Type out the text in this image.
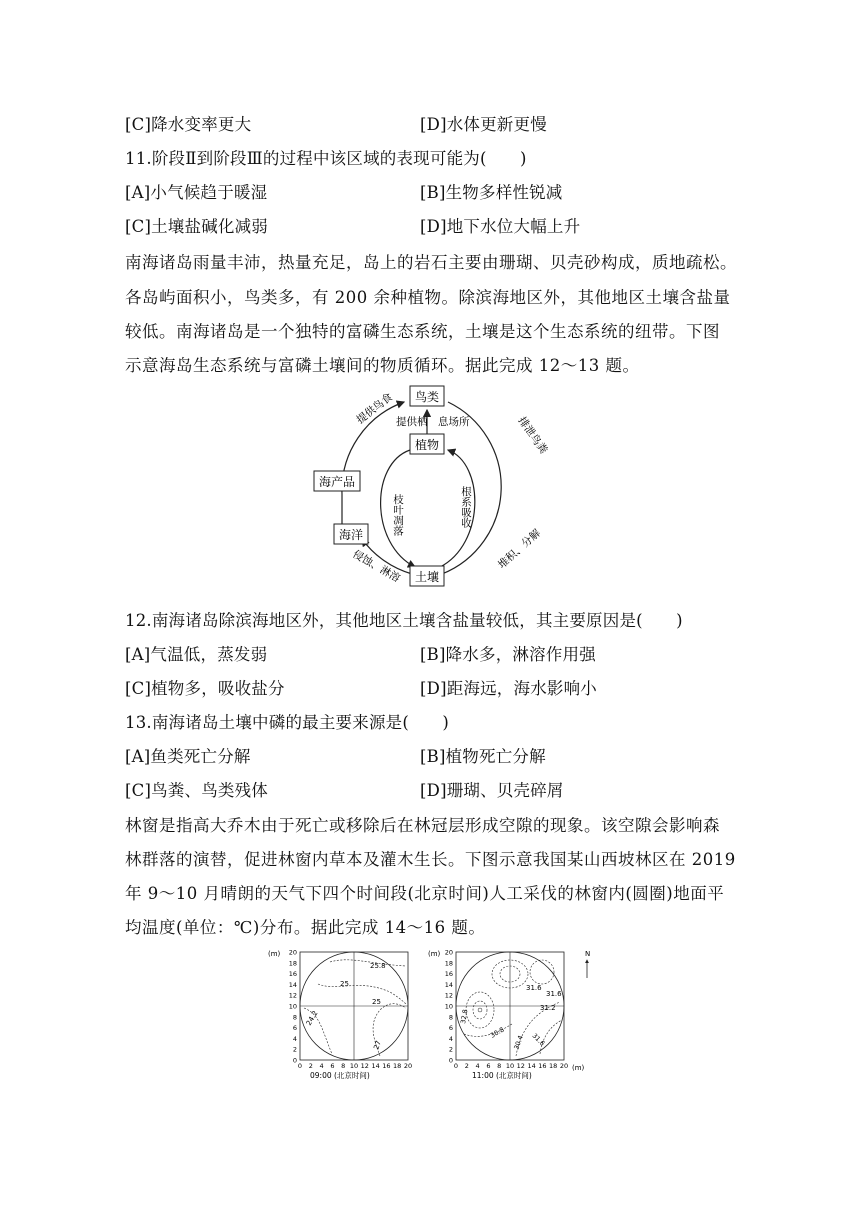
[C]降水变率更大	[D]水体更新更慢
11.阶段Ⅱ到阶段Ⅲ的过程中该区域的表现可能为(　　)
[A]小气候趋于暖湿	[B]生物多样性锐减
[C]土壤盐碱化减弱	[D]地下水位大幅上升
南海诸岛雨量丰沛，热量充足，岛上的岩石主要由珊瑚、贝壳砂构成，质地疏松。
各岛屿面积小，鸟类多，有 200 余种植物。除滨海地区外，其他地区土壤含盐量
较低。南海诸岛是一个独特的富磷生态系统，土壤是这个生态系统的纽带。下图
示意海岛生态系统与富磷土壤间的物质循环。据此完成 12～13 题。
鸟类
植物
海产品
海洋
土壤
提供鸟食 提供栖　息场所	排泄鸟粪
堆积、分解
侵蚀、淋溶
枝叶凋落	根系吸收
12.南海诸岛除滨海地区外，其他地区土壤含盐量较低，其主要原因是(　　)
[A]气温低，蒸发弱	[B]降水多，淋溶作用强
[C]植物多，吸收盐分	[D]距海远，海水影响小
13.南海诸岛土壤中磷的最主要来源是(　　)
[A]鱼类死亡分解	[B]植物死亡分解
[C]鸟粪、鸟类残体	[D]珊瑚、贝壳碎屑
林窗是指高大乔木由于死亡或移除后在林冠层形成空隙的现象。该空隙会影响森
林群落的演替，促进林窗内草本及灌木生长。下图示意我国某山西坡林区在 2019
年 9～10 月晴朗的天气下四个时间段(北京时间)人工采伐的林窗内(圆圈)地面平
均温度(单位：℃)分布。据此完成 14～16 题。
(m)
25.8
25
25
24.2
27
20
18
16
14
12
10
8
6
4
2
0
0 2 4 6 8 10 12 14 16 18 20
09:00 (北京时间)
(m)
31.6
31.6
31.2
32.8
30.4 31.6
30.8
20
18
16
14
12
10
8
6
4
2
0
0 2 4 6 8 10 12 14 16 18 20
11:00 (北京时间)
(m)
N
